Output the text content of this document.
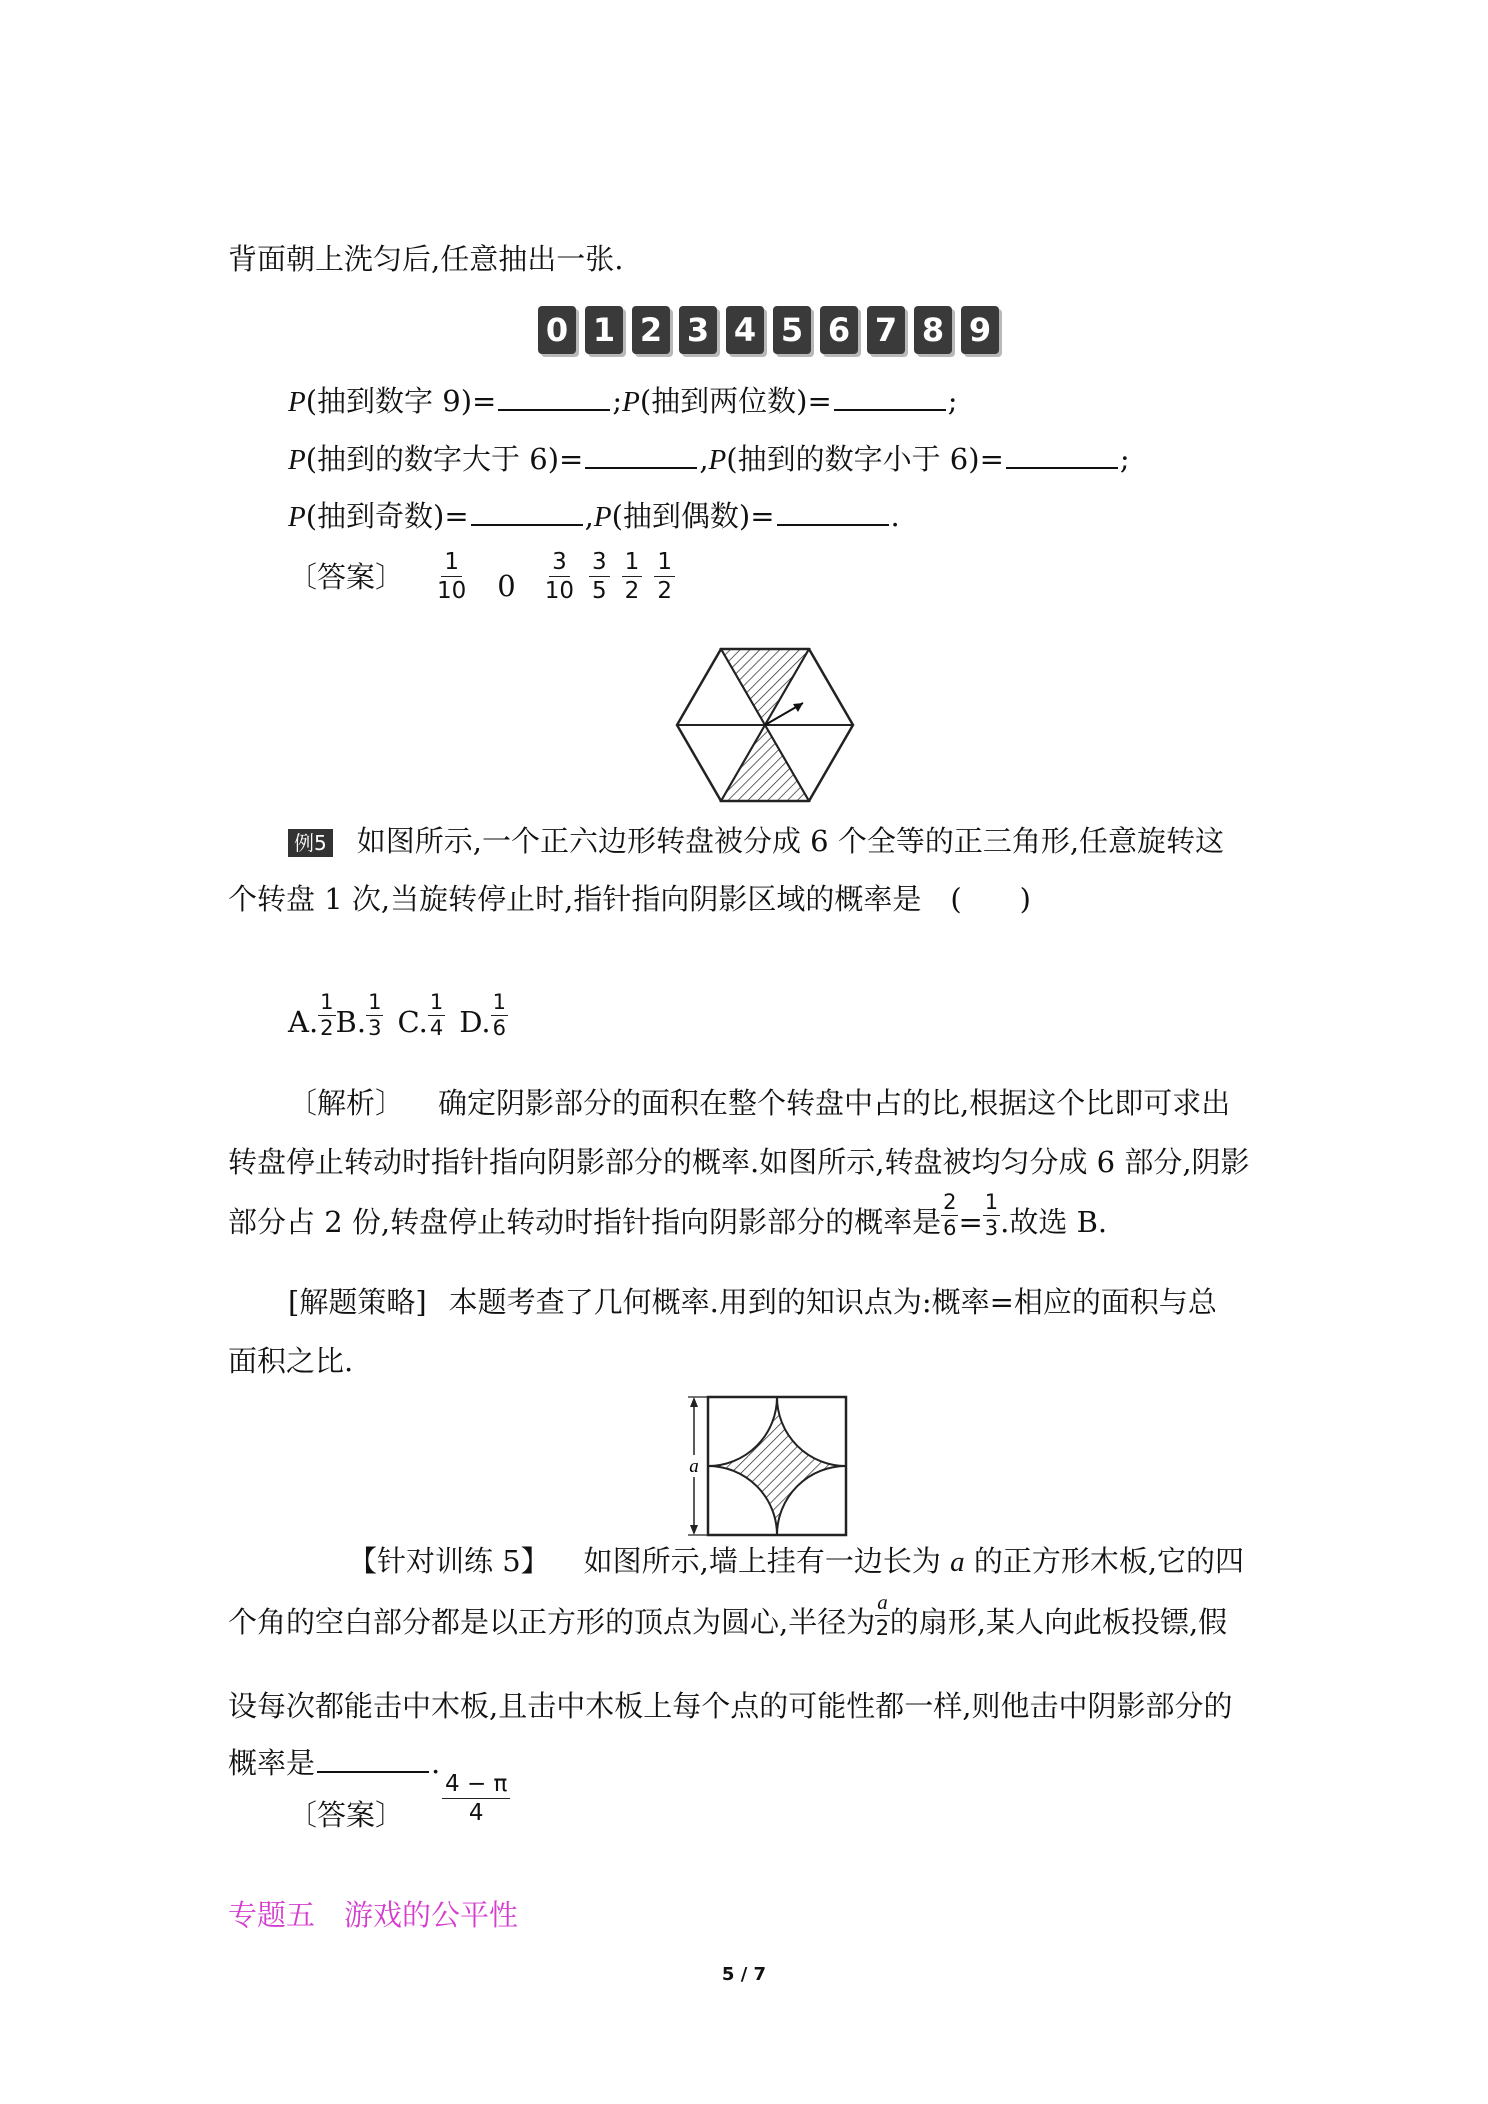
背面朝上洗匀后,任意抽出一张.
0 1 2 3 4 5 6 7 8 9
P(抽到数字 9)=	;P(抽到两位数)=	;
P(抽到的数字大于 6)=	,P(抽到的数字小于 6)=	;
P(抽到奇数)=	,P(抽到偶数)=	.
〔答案〕 $\frac{1}{10} 0 \frac{3}{10} \frac{3}{5} \frac{1}{2} \frac{1}{2}$
例5 如图所示,一个正六边形转盘被分成 6 个全等的正三角形,任意旋转这
个转盘 1 次,当旋转停止时,指针指向阴影区域的概率是　(　　)
A. $\frac{1}{2} B$. $\frac{1}{3} C$. $\frac{1}{4} D$. $\frac{1}{6}$
〔解析〕 确定阴影部分的面积在整个转盘中占的比,根据这个比即可求出
转盘停止转动时指针指向阴影部分的概率.如图所示,转盘被均匀分成 6 部分,阴影
部分占 2 份,转盘停止转动时指针指向阴影部分的概率是 $\frac{2}{6} = \frac{1}{3}$ .故选 B.
[解题策略] 本题考查了几何概率.用到的知识点为:概率=相应的面积与总
面积之比.
a
【针对训练 5】 如图所示,墙上挂有一边长为 a 的正方形木板,它的四
个角的空白部分都是以正方形的顶点为圆心,半径为 $\frac{a}{2}$ 的扇形,某人向此板投镖,假
设每次都能击中木板,且击中木板上每个点的可能性都一样,则他击中阴影部分的
概率是	.
〔答案〕 $\frac{4 - \pi}{4}$
专题五　游戏的公平性
5 / 7
